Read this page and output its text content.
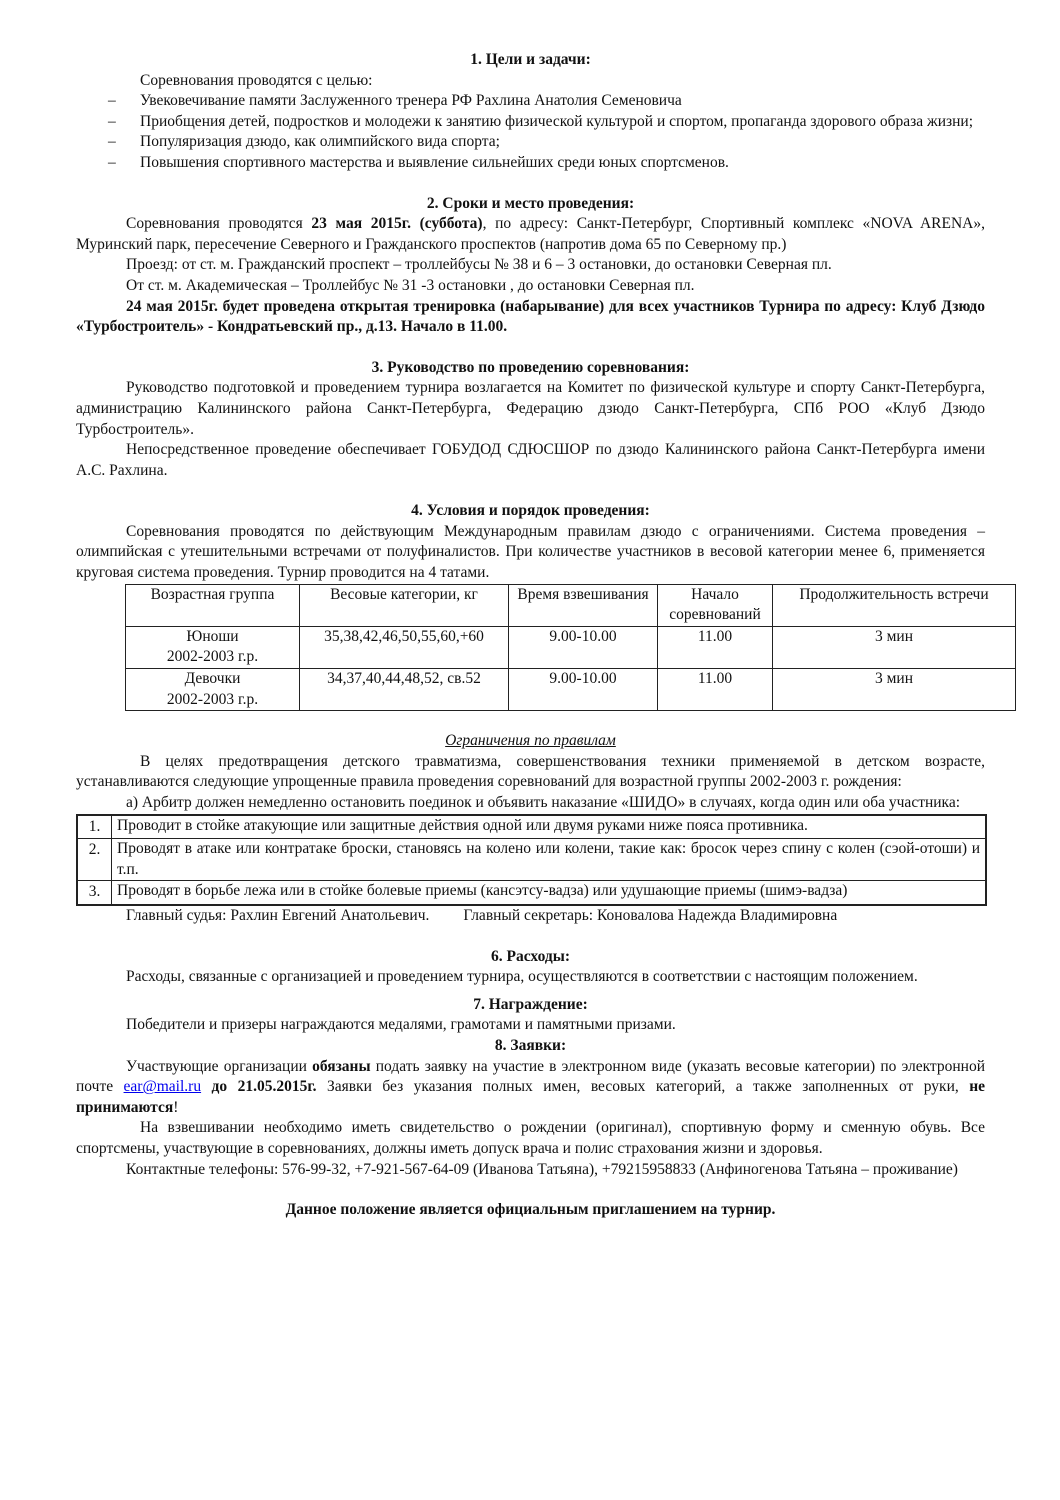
1. Цели и задачи:

Соревнования проводятся с целью:

– Увековечивание памяти Заслуженного тренера РФ Рахлина Анатолия Семеновича
– Приобщения детей, подростков и молодежи к занятию физической культурой и спортом, пропаганда здорового образа жизни;
– Популяризация дзюдо, как олимпийского вида спорта;
– Повышения спортивного мастерства и выявление сильнейших среди юных спортсменов.

2. Сроки и место проведения:

Соревнования проводятся 23 мая 2015г. (суббота), по адресу: Санкт-Петербург, Спортивный комплекс «NOVA ARENA», Муринский парк, пересечение Северного и Гражданского проспектов (напротив дома 65 по Северному пр.)

Проезд: от ст. м. Гражданский проспект – троллейбусы № 38 и 6 – 3 остановки, до остановки Северная пл.

От ст. м. Академическая – Троллейбус № 31 -3 остановки , до остановки Северная пл.

24 мая 2015г. будет проведена открытая тренировка (набарывание) для всех участников Турнира по адресу: Клуб Дзюдо «Турбостроитель» - Кондратьевский пр., д.13. Начало в 11.00.

3. Руководство по проведению соревнования:

Руководство подготовкой и проведением турнира возлагается на Комитет по физической культуре и спорту Санкт-Петербурга, администрацию Калининского района Санкт-Петербурга, Федерацию дзюдо Санкт-Петербурга, СПб РОО «Клуб Дзюдо Турбостроитель».

Непосредственное проведение обеспечивает ГОБУДОД СДЮСШОР по дзюдо Калининского района Санкт-Петербурга имени А.С. Рахлина.

4. Условия и порядок проведения:

Соревнования проводятся по действующим Международным правилам дзюдо с ограничениями. Система проведения – олимпийская с утешительными встречами от полуфиналистов. При количестве участников в весовой категории менее 6, применяется круговая система проведения. Турнир проводится на 4 татами.

Возрастная группа	Весовые категории, кг	Время взвешивания	Начало соревнований	Продолжительность встречи
Юноши
2002-2003 г.р.	35,38,42,46,50,55,60,+60	9.00-10.00	11.00	3 мин
Девочки
2002-2003 г.р.	34,37,40,44,48,52, св.52	9.00-10.00	11.00	3 мин

Ограничения по правилам

В целях предотвращения детского травматизма, совершенствования техники применяемой в детском возрасте, устанавливаются следующие упрощенные правила проведения соревнований для возрастной группы 2002-2003 г. рождения:

а) Арбитр должен немедленно остановить поединок и объявить наказание «ШИДО» в случаях, когда один или оба участника:

1.	Проводит в стойке атакующие или защитные действия одной или двумя руками ниже пояса противника.
2.	Проводят в атаке или контратаке броски, становясь на колено или колени, такие как: бросок через спину с колен (сэой-отоши) и т.п.
3.	Проводят в борьбе лежа или в стойке болевые приемы (кансэтсу-вадза) или удушающие приемы (шимэ-вадза)

Главный судья: Рахлин Евгений Анатольевич. Главный секретарь: Коновалова Надежда Владимировна

6. Расходы:

Расходы, связанные с организацией и проведением турнира, осуществляются в соответствии с настоящим положением.

7. Награждение:

Победители и призеры награждаются медалями, грамотами и памятными призами.

8. Заявки:

Участвующие организации обязаны подать заявку на участие в электронном виде (указать весовые категории) по электронной почте ear@mail.ru до 21.05.2015г. Заявки без указания полных имен, весовых категорий, а также заполненных от руки, не принимаются!

На взвешивании необходимо иметь свидетельство о рождении (оригинал), спортивную форму и сменную обувь. Все спортсмены, участвующие в соревнованиях, должны иметь допуск врача и полис страхования жизни и здоровья.

Контактные телефоны: 576-99-32, +7-921-567-64-09 (Иванова Татьяна), +79215958833 (Анфиногенова Татьяна – проживание)

Данное положение является официальным приглашением на турнир.
